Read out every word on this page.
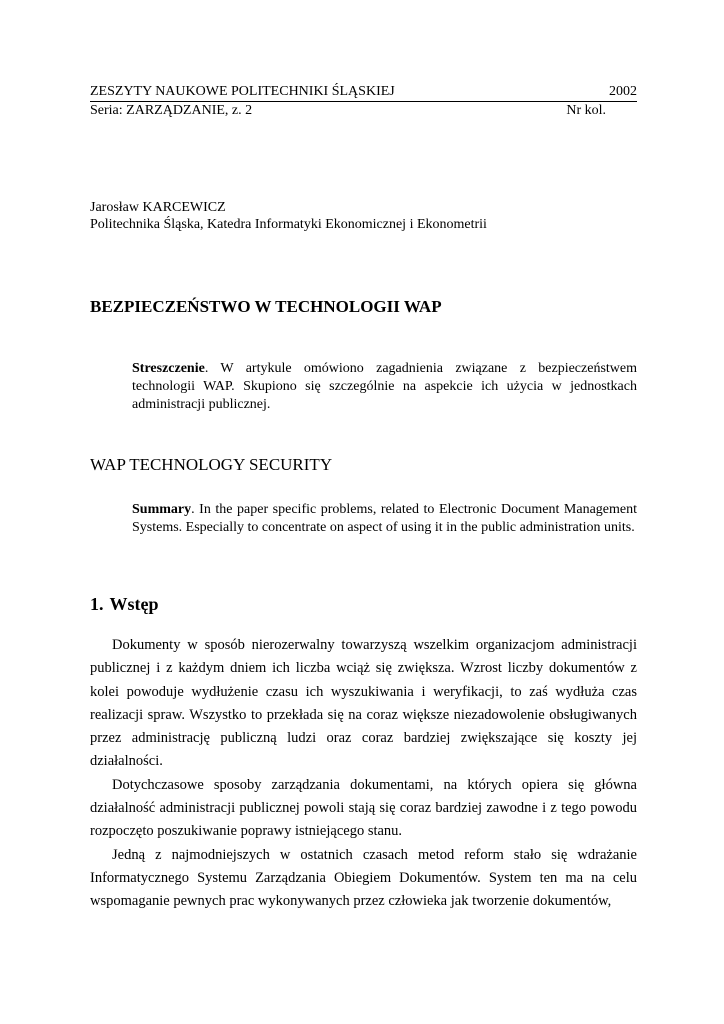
ZESZYTY NAUKOWE POLITECHNIKI ŚLĄSKIEJ	2002
Seria: ZARZĄDZANIE, z. 2	Nr kol.
Jarosław KARCEWICZ
Politechnika Śląska, Katedra Informatyki Ekonomicznej i Ekonometrii
BEZPIECZEŃSTWO W TECHNOLOGII WAP
Streszczenie. W artykule omówiono zagadnienia związane z bezpieczeństwem technologii WAP. Skupiono się szczególnie na aspekcie ich użycia w jednostkach administracji publicznej.
WAP TECHNOLOGY SECURITY
Summary. In the paper specific problems, related to Electronic Document Management Systems. Especially to concentrate on aspect of using it in the public administration units.
1. Wstęp

Dokumenty w sposób nierozerwalny towarzyszą wszelkim organizacjom administracji publicznej i z każdym dniem ich liczba wciąż się zwiększa. Wzrost liczby dokumentów z kolei powoduje wydłużenie czasu ich wyszukiwania i weryfikacji, to zaś wydłuża czas realizacji spraw. Wszystko to przekłada się na coraz większe niezadowolenie obsługiwanych przez administrację publiczną ludzi oraz coraz bardziej zwiększające się koszty jej działalności.

Dotychczasowe sposoby zarządzania dokumentami, na których opiera się główna działalność administracji publicznej powoli stają się coraz bardziej zawodne i z tego powodu rozpoczęto poszukiwanie poprawy istniejącego stanu.

Jedną z najmodniejszych w ostatnich czasach metod reform stało się wdrażanie Informatycznego Systemu Zarządzania Obiegiem Dokumentów. System ten ma na celu wspomaganie pewnych prac wykonywanych przez człowieka jak tworzenie dokumentów,
